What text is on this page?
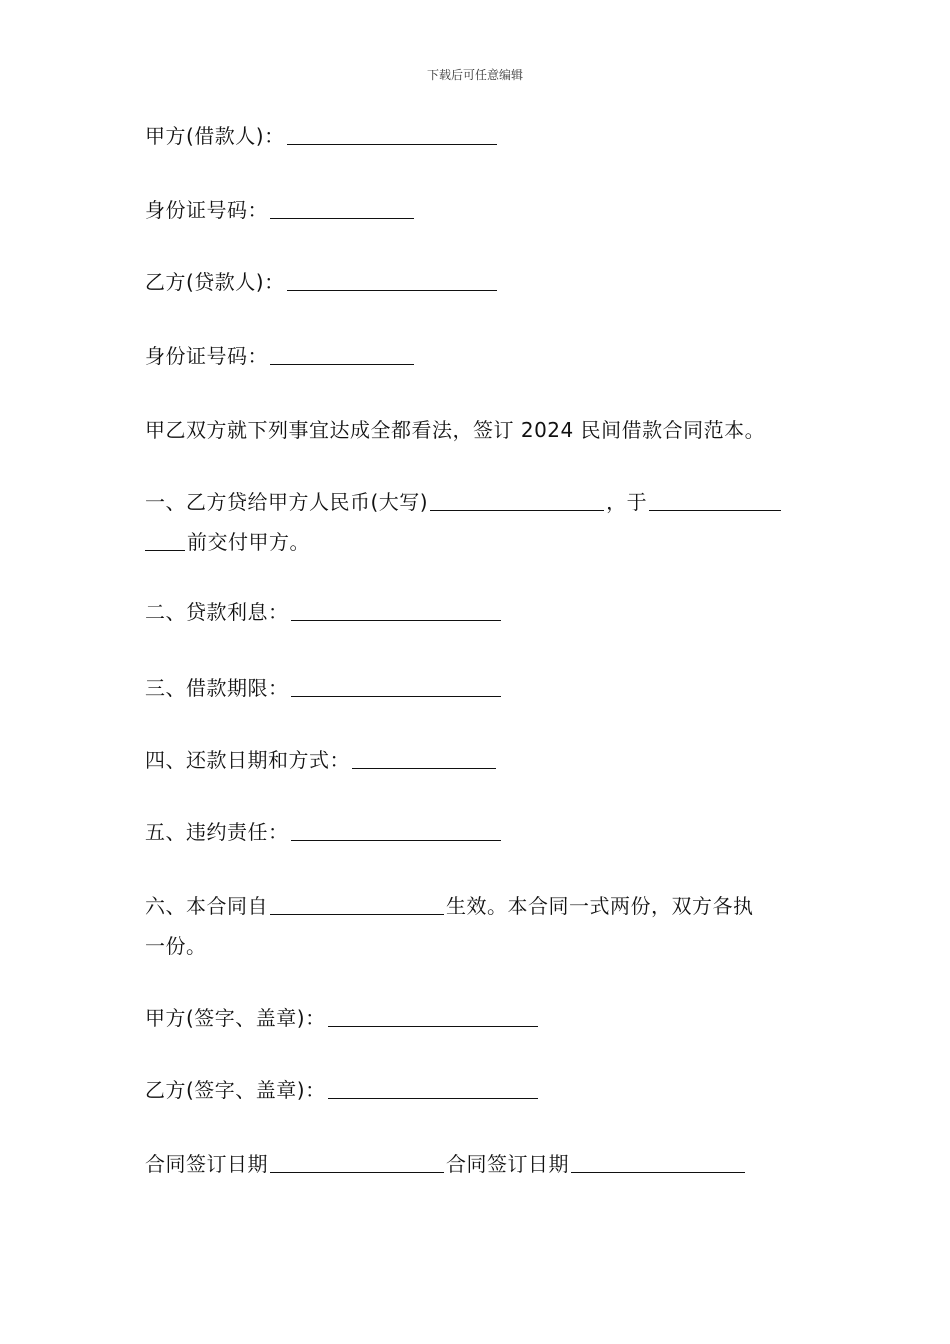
下载后可任意编辑
甲方(借款人)：
身份证号码：
乙方(贷款人)：
身份证号码：
甲乙双方就下列事宜达成全都看法，签订 2024 民间借款合同范本。
一、乙方贷给甲方人民币(大写)	，于
前交付甲方。
二、贷款利息：
三、借款期限：
四、还款日期和方式：
五、违约责任：
六、本合同自	生效。本合同一式两份，双方各执
一份。
甲方(签字、盖章)：
乙方(签字、盖章)：
合同签订日期	合同签订日期
